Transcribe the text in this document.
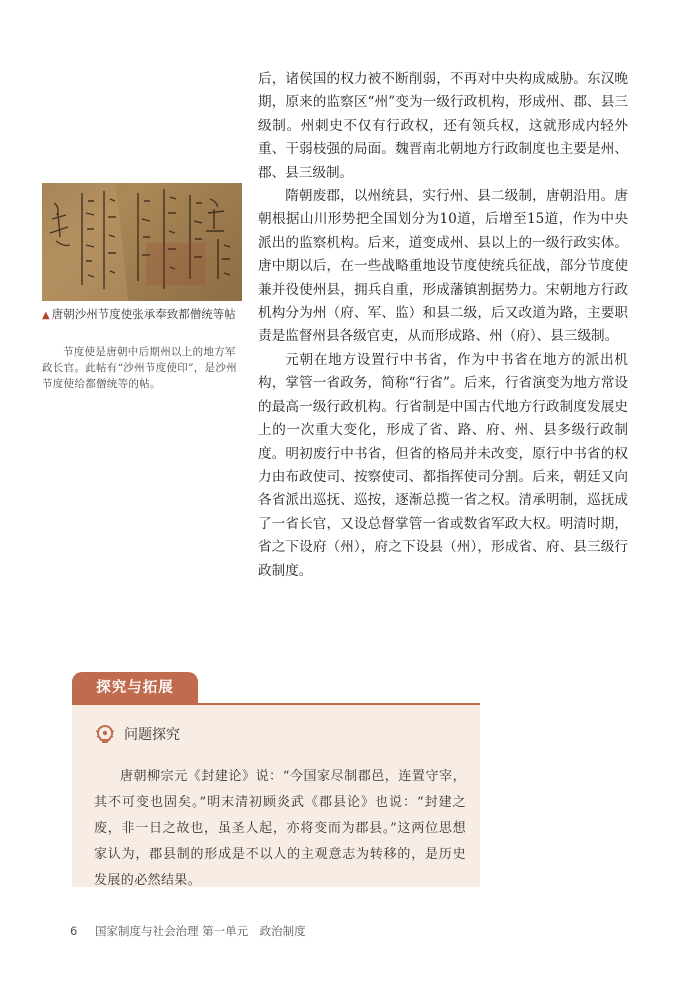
▲ 唐朝沙州节度使张承奉致都僧统等帖
节度使是唐朝中后期州以上的地方军政长官。此帖有“沙州节度使印”，是沙州节度使给都僧统等的帖。

后，诸侯国的权力被不断削弱，不再对中央构成威胁。东汉晚期，原来的监察区“州”变为一级行政机构，形成州、郡、县三级制。州刺史不仅有行政权，还有领兵权，这就形成内轻外重、干弱枝强的局面。魏晋南北朝地方行政制度也主要是州、郡、县三级制。

隋朝废郡，以州统县，实行州、县二级制，唐朝沿用。唐朝根据山川形势把全国划分为10道，后增至15道，作为中央派出的监察机构。后来，道变成州、县以上的一级行政实体。唐中期以后，在一些战略重地设节度使统兵征战，部分节度使兼并役使州县，拥兵自重，形成藩镇割据势力。宋朝地方行政机构分为州（府、军、监）和县二级，后又改道为路，主要职责是监督州县各级官吏，从而形成路、州（府）、县三级制。

元朝在地方设置行中书省，作为中书省在地方的派出机构，掌管一省政务，简称“行省”。后来，行省演变为地方常设的最高一级行政机构。行省制是中国古代地方行政制度发展史上的一次重大变化，形成了省、路、府、州、县多级行政制度。明初废行中书省，但省的格局并未改变，原行中书省的权力由布政使司、按察使司、都指挥使司分割。后来，朝廷又向各省派出巡抚、巡按，逐渐总揽一省之权。清承明制，巡抚成了一省长官，又设总督掌管一省或数省军政大权。明清时期，省之下设府（州），府之下设县（州），形成省、府、县三级行政制度。

探究与拓展
问题探究
唐朝柳宗元《封建论》说：“今国家尽制郡邑，连置守宰，其不可变也固矣。”明末清初顾炎武《郡县论》也说：“封建之废，非一日之故也，虽圣人起，亦将变而为郡县。”这两位思想家认为，郡县制的形成是不以人的主观意志为转移的，是历史发展的必然结果。
6 国家制度与社会治理 第一单元　政治制度
